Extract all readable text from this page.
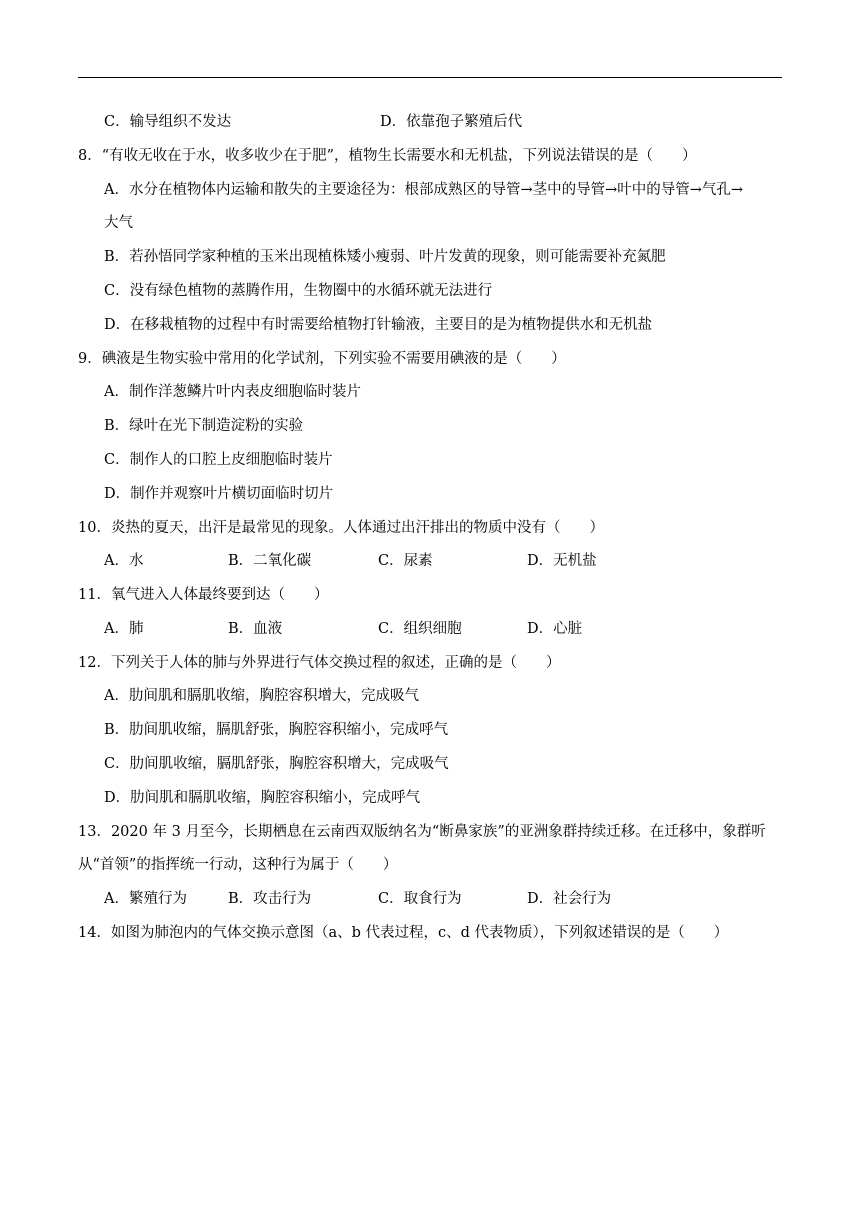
C．输导组织不发达	D．依靠孢子繁殖后代
8．“有收无收在于水，收多收少在于肥”，植物生长需要水和无机盐，下列说法错误的是（　　）
A．水分在植物体内运输和散失的主要途径为：根部成熟区的导管→茎中的导管→叶中的导管→气孔→
大气
B．若孙悟同学家种植的玉米出现植株矮小瘦弱、叶片发黄的现象，则可能需要补充氮肥
C．没有绿色植物的蒸腾作用，生物圈中的水循环就无法进行
D．在移栽植物的过程中有时需要给植物打针输液，主要目的是为植物提供水和无机盐
9．碘液是生物实验中常用的化学试剂，下列实验不需要用碘液的是（　　）
A．制作洋葱鳞片叶内表皮细胞临时装片
B．绿叶在光下制造淀粉的实验
C．制作人的口腔上皮细胞临时装片
D．制作并观察叶片横切面临时切片
10．炎热的夏天，出汗是最常见的现象。人体通过出汗排出的物质中没有（　　）
A．水	B．二氧化碳	C．尿素	D．无机盐
11．氧气进入人体最终要到达（　　）
A．肺	B．血液	C．组织细胞	D．心脏
12．下列关于人体的肺与外界进行气体交换过程的叙述，正确的是（　　）
A．肋间肌和膈肌收缩，胸腔容积增大，完成吸气
B．肋间肌收缩，膈肌舒张，胸腔容积缩小，完成呼气
C．肋间肌收缩，膈肌舒张，胸腔容积增大，完成吸气
D．肋间肌和膈肌收缩，胸腔容积缩小，完成呼气
13．2020 年 3 月至今，长期栖息在云南西双版纳名为“断鼻家族”的亚洲象群持续迁移。在迁移中，象群听
从“首领”的指挥统一行动，这种行为属于（　　）
A．繁殖行为	B．攻击行为	C．取食行为	D．社会行为
14．如图为肺泡内的气体交换示意图（a、b 代表过程，c、d 代表物质），下列叙述错误的是（　　）
